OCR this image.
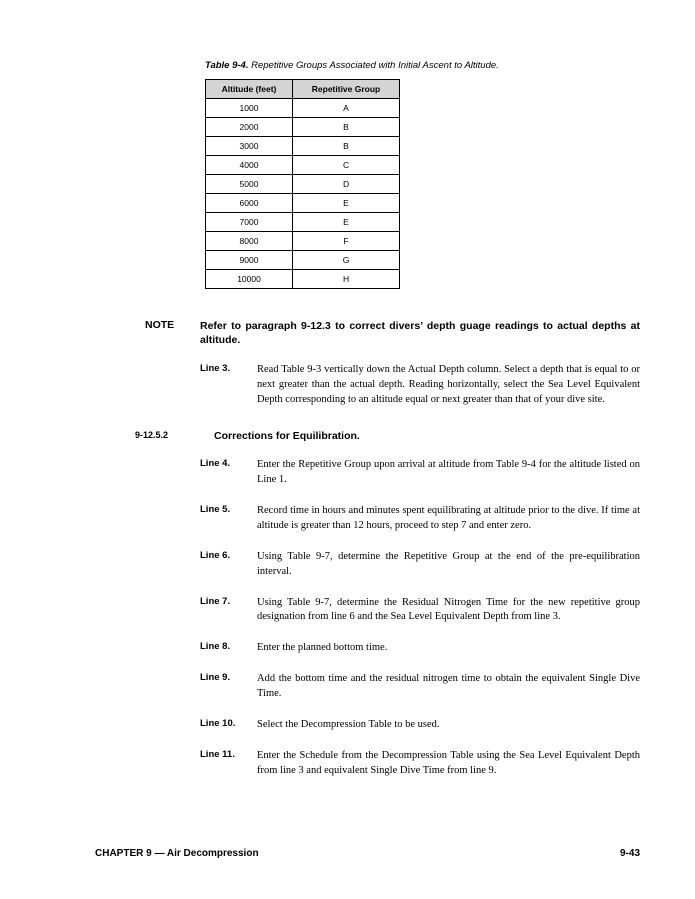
Table 9-4. Repetitive Groups Associated with Initial Ascent to Altitude.

Altitude (feet)	Repetitive Group
1000	A
2000	B
3000	B
4000	C
5000	D
6000	E
7000	E
8000	F
9000	G
10000	H
NOTE	Refer to paragraph 9-12.3 to correct divers’ depth guage readings to actual depths at altitude.
Line 3.	Read Table 9-3 vertically down the Actual Depth column. Select a depth that is equal to or next greater than the actual depth. Reading horizontally, select the Sea Level Equivalent Depth corresponding to an altitude equal or next greater than that of your dive site.
9-12.5.2	Corrections for Equilibration.
Line 4.	Enter the Repetitive Group upon arrival at altitude from Table 9-4 for the altitude listed on Line 1.
Line 5.	Record time in hours and minutes spent equilibrating at altitude prior to the dive. If time at altitude is greater than 12 hours, proceed to step 7 and enter zero.
Line 6.	Using Table 9-7, determine the Repetitive Group at the end of the pre-equilibration interval.
Line 7.	Using Table 9-7, determine the Residual Nitrogen Time for the new repetitive group designation from line 6 and the Sea Level Equivalent Depth from line 3.
Line 8.	Enter the planned bottom time.
Line 9.	Add the bottom time and the residual nitrogen time to obtain the equivalent Single Dive Time.
Line 10.	Select the Decompression Table to be used.
Line 11.	Enter the Schedule from the Decompression Table using the Sea Level Equivalent Depth from line 3 and equivalent Single Dive Time from line 9.
CHAPTER 9 — Air Decompression	9-43
